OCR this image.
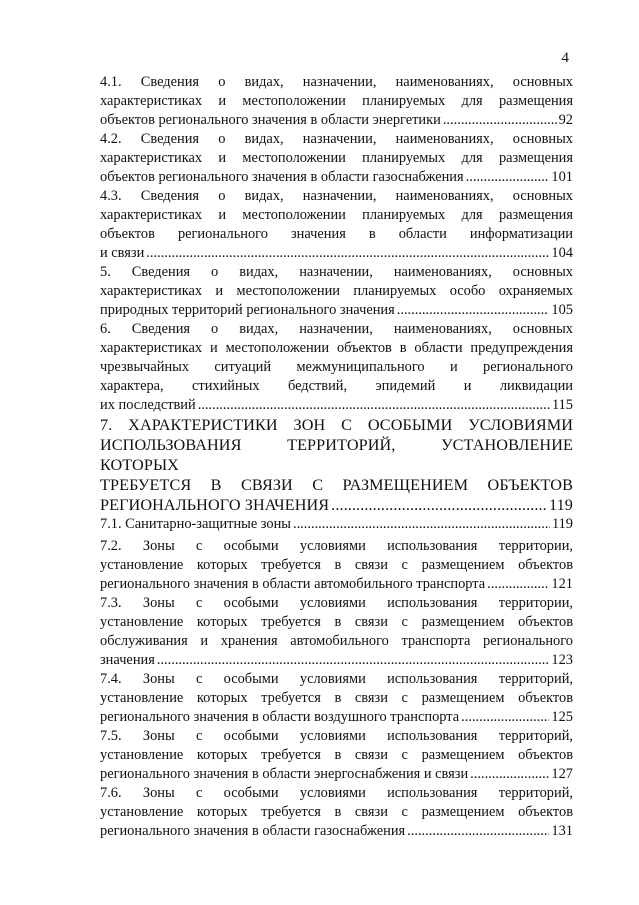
4
4.1. Сведения о видах, назначении, наименованиях, основных
характеристиках и местоположении планируемых для размещения
объектов регионального значения в области энергетики .....	92
4.2. Сведения о видах, назначении, наименованиях, основных
характеристиках и местоположении планируемых для размещения
объектов регионального значения в области газоснабжения .....	101
4.3. Сведения о видах, назначении, наименованиях, основных
характеристиках и местоположении планируемых для размещения
объектов регионального значения в области информатизации
и связи .....	104
5. Сведения о видах, назначении, наименованиях, основных
характеристиках и местоположении планируемых особо охраняемых
природных территорий регионального значения .....	105
6. Сведения о видах, назначении, наименованиях, основных
характеристиках и местоположении объектов в области предупреждения
чрезвычайных ситуаций межмуниципального и регионального
характера, стихийных бедствий, эпидемий и ликвидации
их последствий .....	115
7. ХАРАКТЕРИСТИКИ ЗОН С ОСОБЫМИ УСЛОВИЯМИ
ИСПОЛЬЗОВАНИЯ ТЕРРИТОРИЙ, УСТАНОВЛЕНИЕ КОТОРЫХ
ТРЕБУЕТСЯ В СВЯЗИ С РАЗМЕЩЕНИЕМ ОБЪЕКТОВ
РЕГИОНАЛЬНОГО ЗНАЧЕНИЯ .....	119
7.1. Санитарно-защитные зоны .....	119
7.2. Зоны с особыми условиями использования территории,
установление которых требуется в связи с размещением объектов
регионального значения в области автомобильного транспорта .....	121
7.3. Зоны с особыми условиями использования территории,
установление которых требуется в связи с размещением объектов
обслуживания и хранения автомобильного транспорта регионального
значения .....	123
7.4. Зоны с особыми условиями использования территорий,
установление которых требуется в связи с размещением объектов
регионального значения в области воздушного транспорта .....	125
7.5. Зоны с особыми условиями использования территорий,
установление которых требуется в связи с размещением объектов
регионального значения в области энергоснабжения и связи .....	127
7.6. Зоны с особыми условиями использования территорий,
установление которых требуется в связи с размещением объектов
регионального значения в области газоснабжения .....	131
